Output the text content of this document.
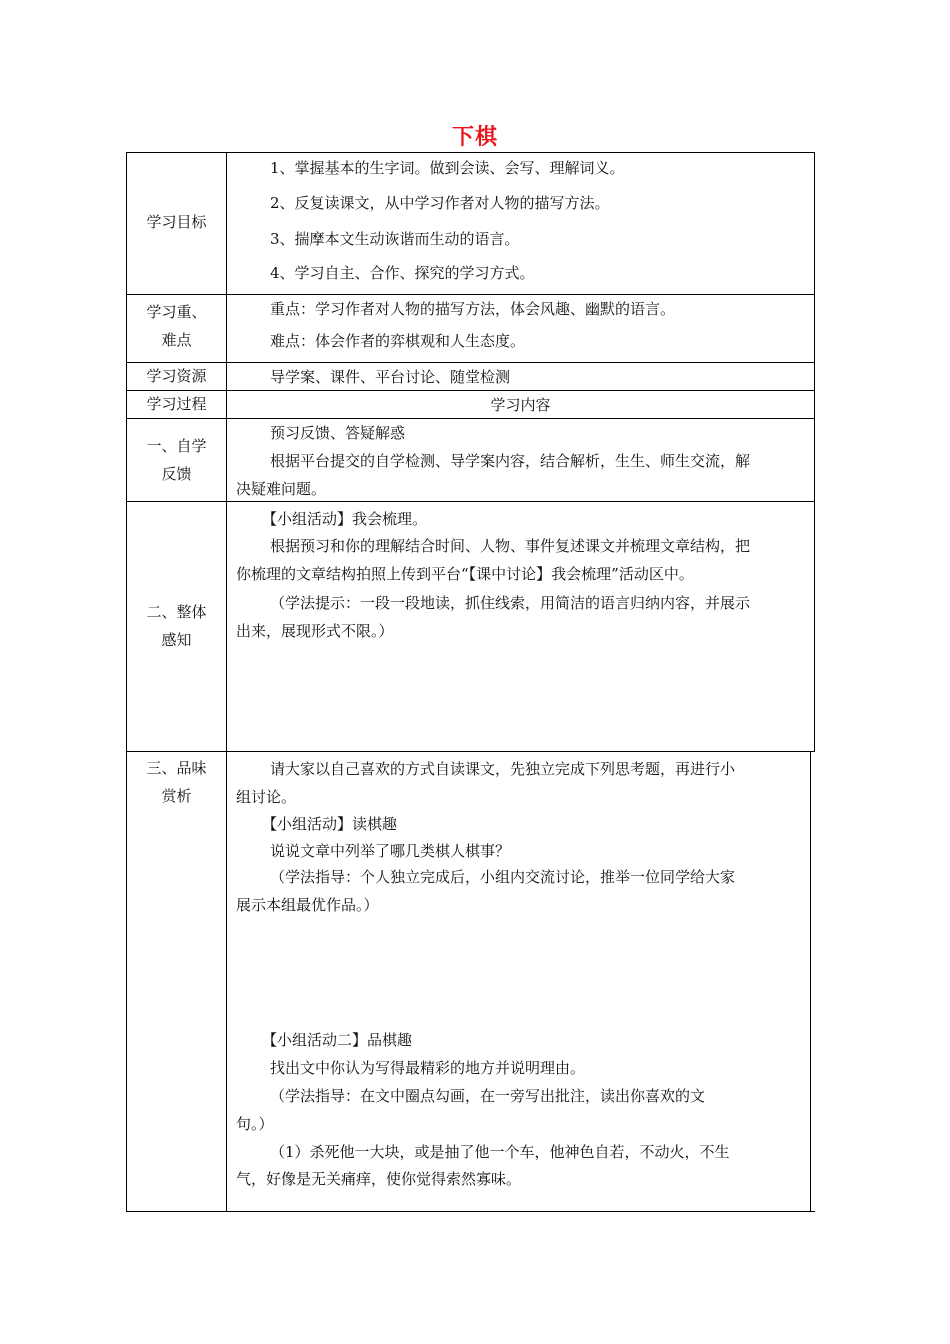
下棋
学习目标
1、掌握基本的生字词。做到会读、会写、理解词义。
2、反复读课文，从中学习作者对人物的描写方法。
3、揣摩本文生动诙谐而生动的语言。
4、学习自主、合作、探究的学习方式。
学习重、
难点
重点：学习作者对人物的描写方法，体会风趣、幽默的语言。
难点：体会作者的弈棋观和人生态度。
学习资源	导学案、课件、平台讨论、随堂检测
学习过程	学习内容
一、自学
反馈
预习反馈、答疑解惑
根据平台提交的自学检测、导学案内容，结合解析，生生、师生交流，解
决疑难问题。
二、整体
感知
【小组活动】我会梳理。
根据预习和你的理解结合时间、人物、事件复述课文并梳理文章结构，把
你梳理的文章结构拍照上传到平台“【课中讨论】我会梳理”活动区中。
（学法提示：一段一段地读，抓住线索，用简洁的语言归纳内容，并展示
出来，展现形式不限。）
三、品味
赏析
请大家以自己喜欢的方式自读课文，先独立完成下列思考题，再进行小
组讨论。
【小组活动】读棋趣
说说文章中列举了哪几类棋人棋事？
（学法指导：个人独立完成后，小组内交流讨论，推举一位同学给大家
展示本组最优作品。）
【小组活动二】品棋趣
找出文中你认为写得最精彩的地方并说明理由。
（学法指导：在文中圈点勾画，在一旁写出批注，读出你喜欢的文
句。）
（1）杀死他一大块，或是抽了他一个车，他神色自若，不动火，不生
气，好像是无关痛痒，使你觉得索然寡味。
